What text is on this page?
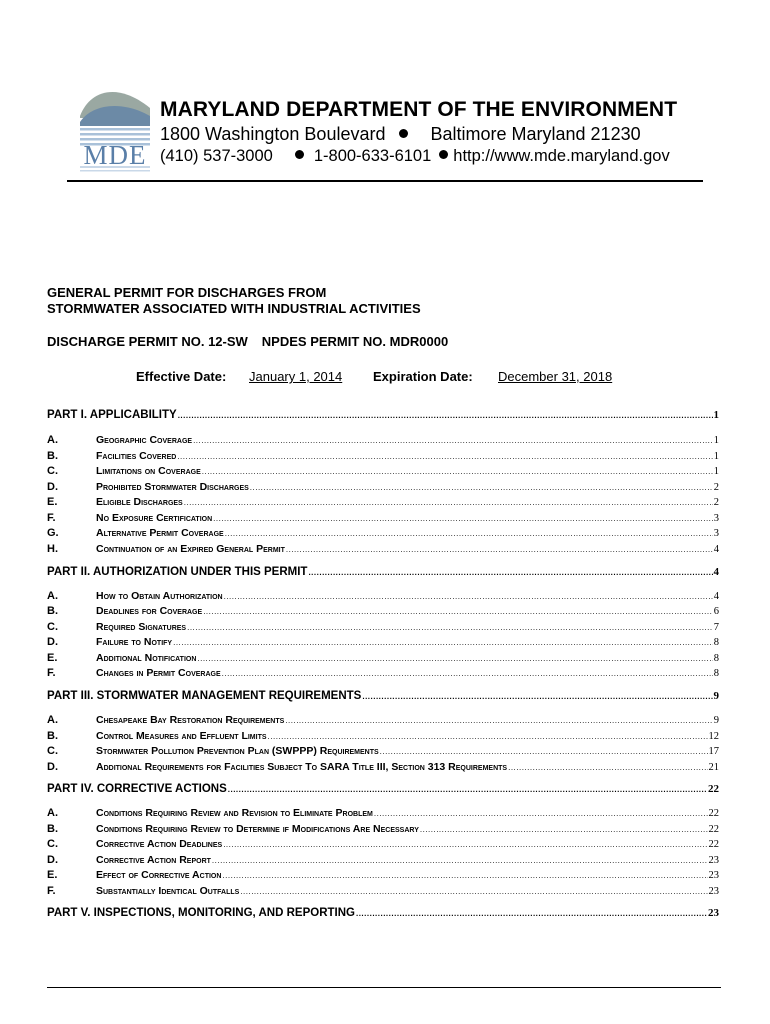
MDE
MARYLAND DEPARTMENT OF THE ENVIRONMENT
1800 Washington Boulevard	Baltimore Maryland 21230
(410) 537-3000 1-800-633-6101 http://www.mde.maryland.gov
GENERAL PERMIT FOR DISCHARGES FROM
STORMWATER ASSOCIATED WITH INDUSTRIAL ACTIVITIES
DISCHARGE PERMIT NO. 12-SW NPDES PERMIT NO. MDR0000
Effective Date: January 1, 2014 Expiration Date: December 31, 2018
PART I. APPLICABILITY .....	1
A.	Geographic Coverage .....	1
B.	Facilities Covered .....	1
C.	Limitations on Coverage .....	1
D.	Prohibited Stormwater Discharges .....	2
E.	Eligible Discharges .....	2
F.	No Exposure Certification .....	3
G.	Alternative Permit Coverage .....	3
H.	Continuation of an Expired General Permit .....	4
PART II. AUTHORIZATION UNDER THIS PERMIT .....	4
A.	How to Obtain Authorization .....	4
B.	Deadlines for Coverage .....	6
C.	Required Signatures .....	7
D.	Failure to Notify .....	8
E.	Additional Notification .....	8
F.	Changes in Permit Coverage .....	8
PART III. STORMWATER MANAGEMENT REQUIREMENTS .....	9
A.	Chesapeake Bay Restoration Requirements .....	9
B.	Control Measures and Effluent Limits .....	12
C.	Stormwater Pollution Prevention Plan (SWPPP) Requirements .....	17
D.	Additional Requirements for Facilities Subject To SARA Title III, Section 313 Requirements .....	21
PART IV. CORRECTIVE ACTIONS .....	22
A.	Conditions Requiring Review and Revision to Eliminate Problem .....	22
B.	Conditions Requiring Review to Determine if Modifications Are Necessary .....	22
C.	Corrective Action Deadlines .....	22
D.	Corrective Action Report .....	23
E.	Effect of Corrective Action .....	23
F.	Substantially Identical Outfalls .....	23
PART V. INSPECTIONS, MONITORING, AND REPORTING .....	23
